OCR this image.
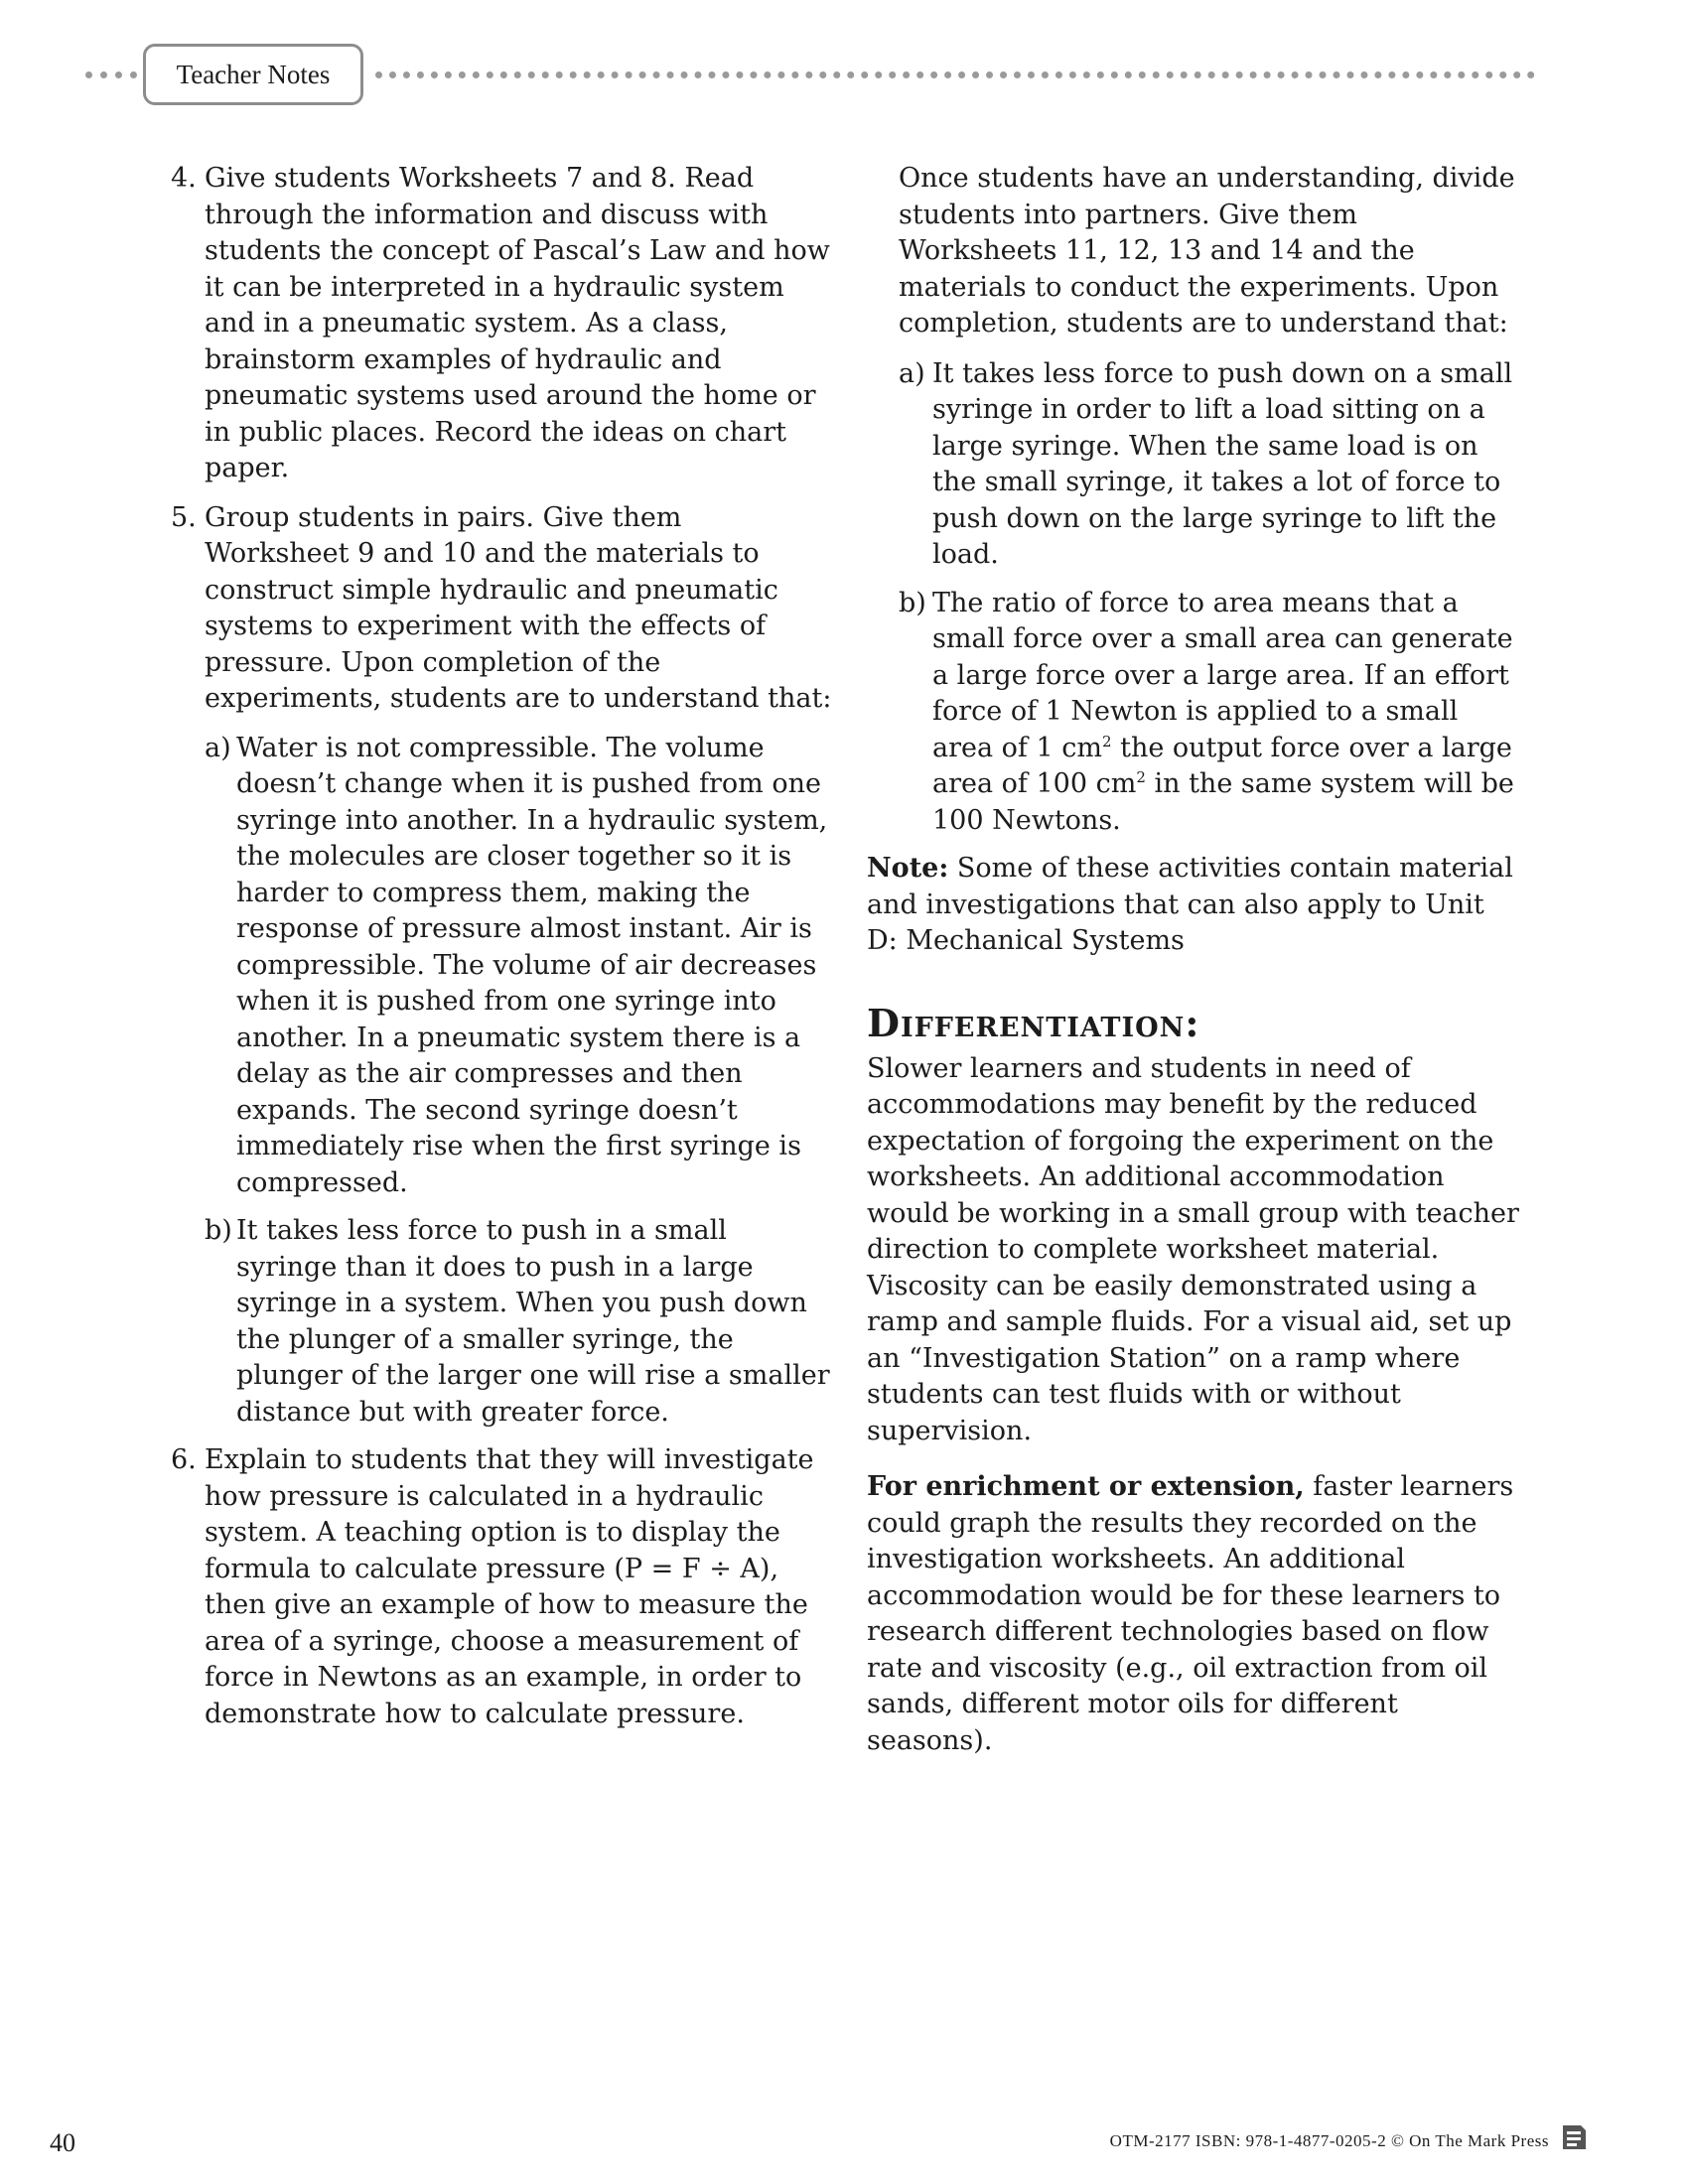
Teacher Notes
4. Give students Worksheets 7 and 8. Read through the information and discuss with students the concept of Pascal’s Law and how it can be interpreted in a hydraulic system and in a pneumatic system. As a class, brainstorm examples of hydraulic and pneumatic systems used around the home or in public places. Record the ideas on chart paper.

5. Group students in pairs. Give them Worksheet 9 and 10 and the materials to construct simple hydraulic and pneumatic systems to experiment with the effects of pressure. Upon completion of the experiments, students are to understand that:

a) Water is not compressible. The volume doesn’t change when it is pushed from one syringe into another. In a hydraulic system, the molecules are closer together so it is harder to compress them, making the response of pressure almost instant. Air is compressible. The volume of air decreases when it is pushed from one syringe into another. In a pneumatic system there is a delay as the air compresses and then expands. The second syringe doesn’t immediately rise when the first syringe is compressed.

b) It takes less force to push in a small syringe than it does to push in a large syringe in a system. When you push down the plunger of a smaller syringe, the plunger of the larger one will rise a smaller distance but with greater force.

6. Explain to students that they will investigate how pressure is calculated in a hydraulic system. A teaching option is to display the formula to calculate pressure (P = F ÷ A), then give an example of how to measure the area of a syringe, choose a measurement of force in Newtons as an example, in order to demonstrate how to calculate pressure.

Once students have an understanding, divide students into partners. Give them Worksheets 11, 12, 13 and 14 and the materials to conduct the experiments. Upon completion, students are to understand that:

a) It takes less force to push down on a small syringe in order to lift a load sitting on a large syringe. When the same load is on the small syringe, it takes a lot of force to push down on the large syringe to lift the load.

b) The ratio of force to area means that a small force over a small area can generate a large force over a large area. If an effort force of 1 Newton is applied to a small area of 1 $cm^2$ the output force over a large area of 100 $cm^2$ in the same system will be 100 Newtons.

Note: Some of these activities contain material and investigations that can also apply to Unit D: Mechanical Systems

Differentiation:

Slower learners and students in need of accommodations may benefit by the reduced expectation of forgoing the experiment on the worksheets. An additional accommodation would be working in a small group with teacher direction to complete worksheet material. Viscosity can be easily demonstrated using a ramp and sample fluids. For a visual aid, set up an “Investigation Station” on a ramp where students can test fluids with or without supervision.

For enrichment or extension, faster learners could graph the results they recorded on the investigation worksheets. An additional accommodation would be for these learners to research different technologies based on flow rate and viscosity (e.g., oil extraction from oil sands, different motor oils for different seasons).

40	OTM-2177 ISBN: 978-1-4877-0205-2 © On The Mark Press
